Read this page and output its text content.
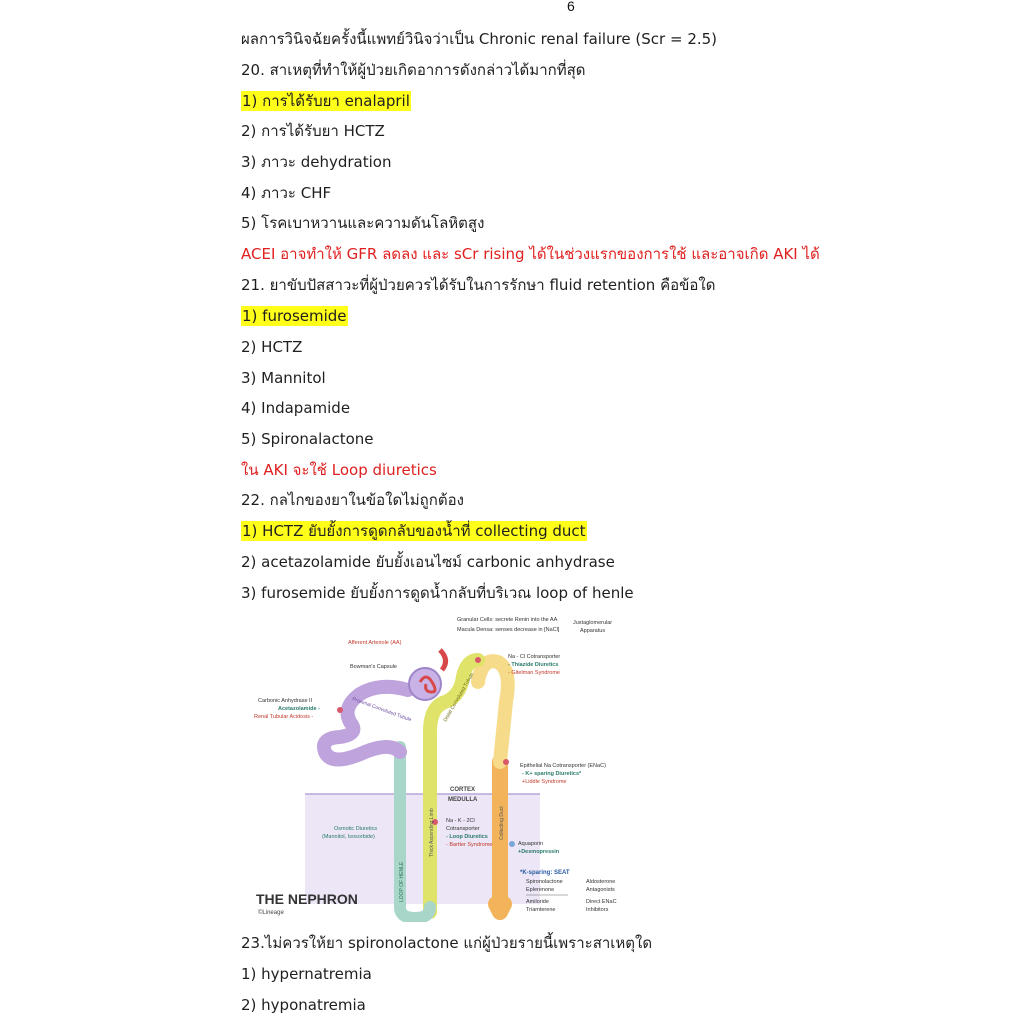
6
ผลการวินิจฉัยครั้งนี้แพทย์วินิจว่าเป็น Chronic renal failure (Scr = 2.5)
20. สาเหตุที่ทำให้ผู้ป่วยเกิดอาการดังกล่าวได้มากที่สุด
1) การได้รับยา enalapril
2) การได้รับยา HCTZ
3) ภาวะ dehydration
4) ภาวะ CHF
5) โรคเบาหวานและความดันโลหิตสูง
ACEI อาจทำให้ GFR ลดลง และ sCr rising ได้ในช่วงแรกของการใช้ และอาจเกิด AKI ได้
21. ยาขับปัสสาวะที่ผู้ป่วยควรได้รับในการรักษา fluid retention คือข้อใด
1) furosemide
2) HCTZ
3) Mannitol
4) Indapamide
5) Spironalactone
ใน AKI จะใช้ Loop diuretics
22. กลไกของยาในข้อใดไม่ถูกต้อง
1) HCTZ ยับยั้งการดูดกลับของน้ำที่ collecting duct
2) acetazolamide ยับยั้งเอนไซม์ carbonic anhydrase
3) furosemide ยับยั้งการดูดน้ำกลับที่บริเวณ loop of henle
CORTEX
MEDULLA
Proximal Convoluted Tubule	Distal Convoluted Tubule
Thick Ascending Limb
LOOP OF HENLE
Collecting Duct
Afferent Arteriole (AA)
Bowman's Capsule
Carbonic Anhydrase II
Acetazolamide -
Renal Tubular Acidosis -
Osmotic Diuretics
(Mannitol, Isosorbide)
Granular Cells: secrete Renin into the AA
Macula Densa: senses decrease in [NaCl]
Juxtaglomerular
Apparatus
Na - Cl Cotransporter
- Thiazide Diuretics
- Gitelman Syndrome
Epithelial Na Cotransporter (ENaC)
- K+ sparing Diuretics*
+Liddle Syndrome
Na - K - 2Cl
Cotransporter
- Loop Diuretics
- Bartter Syndrome	Aquaporin
+Desmopressin
*K-sparing: SEAT
Spironolactone
Eplerenone
Amiloride
Triamterene
Aldosterone
Antagonists
Direct ENaC
Inhibitors
THE NEPHRON
©Lineage
23.ไม่ควรให้ยา spironolactone แก่ผู้ป่วยรายนี้เพราะสาเหตุใด
1) hypernatremia
2) hyponatremia
